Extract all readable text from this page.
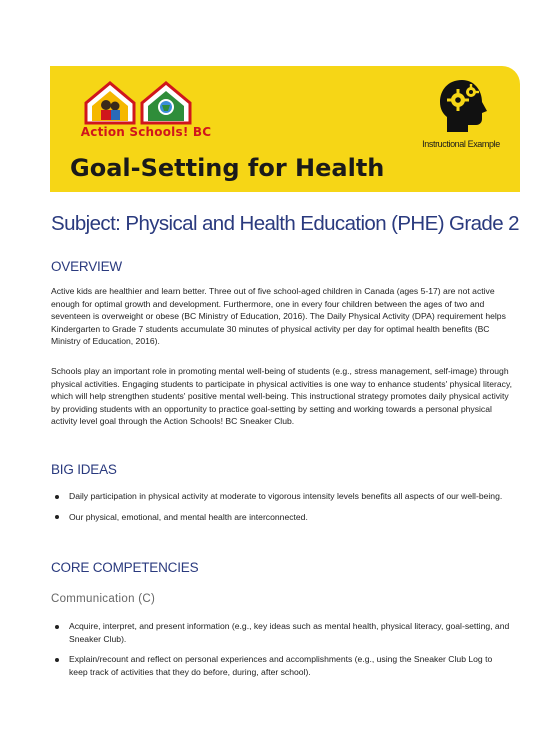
Action Schools! BC
Goal-Setting for Health
Instructional Example
Subject: Physical and Health Education (PHE) Grade 2
OVERVIEW

Active kids are healthier and learn better. Three out of five school-aged children in Canada (ages 5-17) are not active enough for optimal growth and development. Furthermore, one in every four children between the ages of two and seventeen is overweight or obese (BC Ministry of Education, 2016). The Daily Physical Activity (DPA) requirement helps Kindergarten to Grade 7 students accumulate 30 minutes of physical activity per day for optimal health benefits (BC Ministry of Education, 2016).

Schools play an important role in promoting mental well-being of students (e.g., stress management, self-image) through physical activities. Engaging students to participate in physical activities is one way to enhance students' physical literacy, which will help strengthen students' positive mental well-being. This instructional strategy promotes daily physical activity by providing students with an opportunity to practice goal-setting by setting and working towards a personal physical activity level goal through the Action Schools! BC Sneaker Club.

BIG IDEAS
Daily participation in physical activity at moderate to vigorous intensity levels benefits all aspects of our well-being.
Our physical, emotional, and mental health are interconnected.
CORE COMPETENCIES
Communication (C)
Acquire, interpret, and present information (e.g., key ideas such as mental health, physical literacy, goal-setting, and Sneaker Club).
Explain/recount and reflect on personal experiences and accomplishments (e.g., using the Sneaker Club Log to keep track of activities that they do before, during, after school).
